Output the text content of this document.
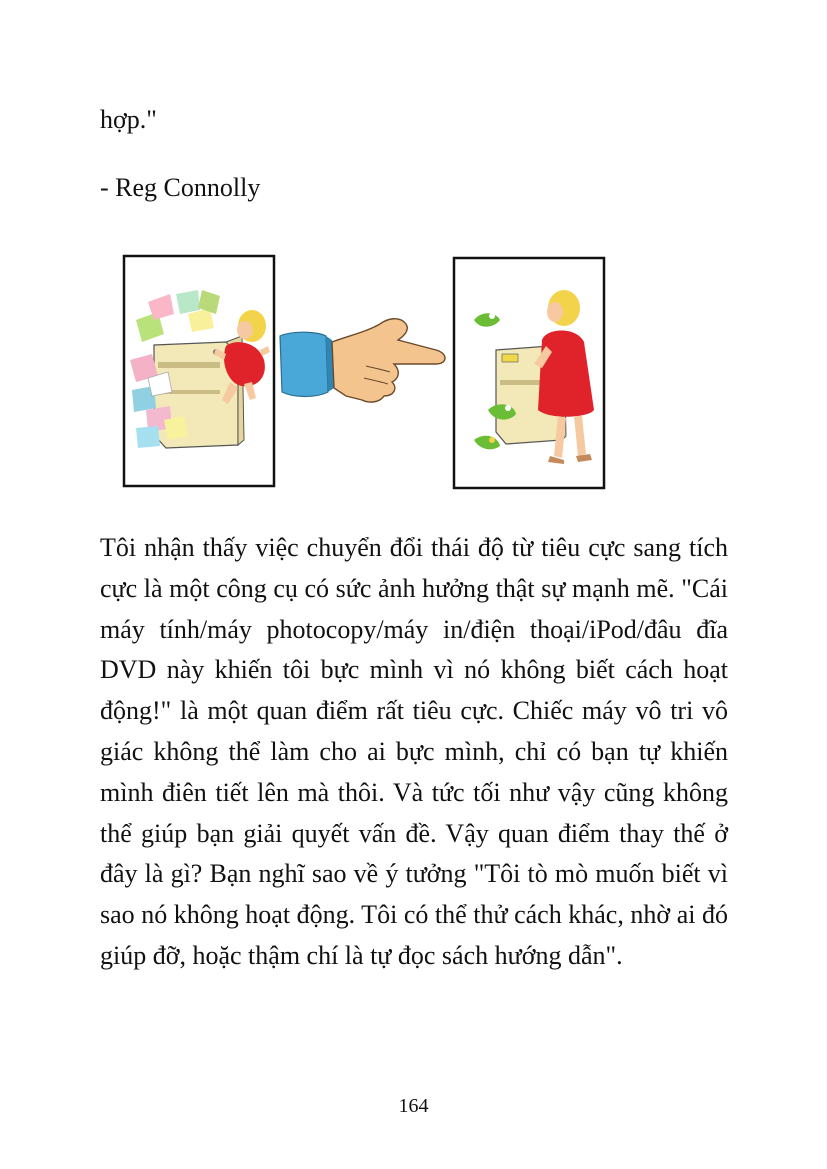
hợp."
- Reg Connolly
Tôi nhận thấy việc chuyển đổi thái độ từ tiêu cực sang tích cực là một công cụ có sức ảnh hưởng thật sự mạnh mẽ. "Cái máy tính/máy photocopy/máy in/điện thoại/iPod/đâu đĩa DVD này khiến tôi bực mình vì nó không biết cách hoạt động!" là một quan điểm rất tiêu cực. Chiếc máy vô tri vô giác không thể làm cho ai bực mình, chỉ có bạn tự khiến mình điên tiết lên mà thôi. Và tức tối như vậy cũng không thể giúp bạn giải quyết vấn đề. Vậy quan điểm thay thế ở đây là gì? Bạn nghĩ sao về ý tưởng "Tôi tò mò muốn biết vì sao nó không hoạt động. Tôi có thể thử cách khác, nhờ ai đó giúp đỡ, hoặc thậm chí là tự đọc sách hướng dẫn".
164
